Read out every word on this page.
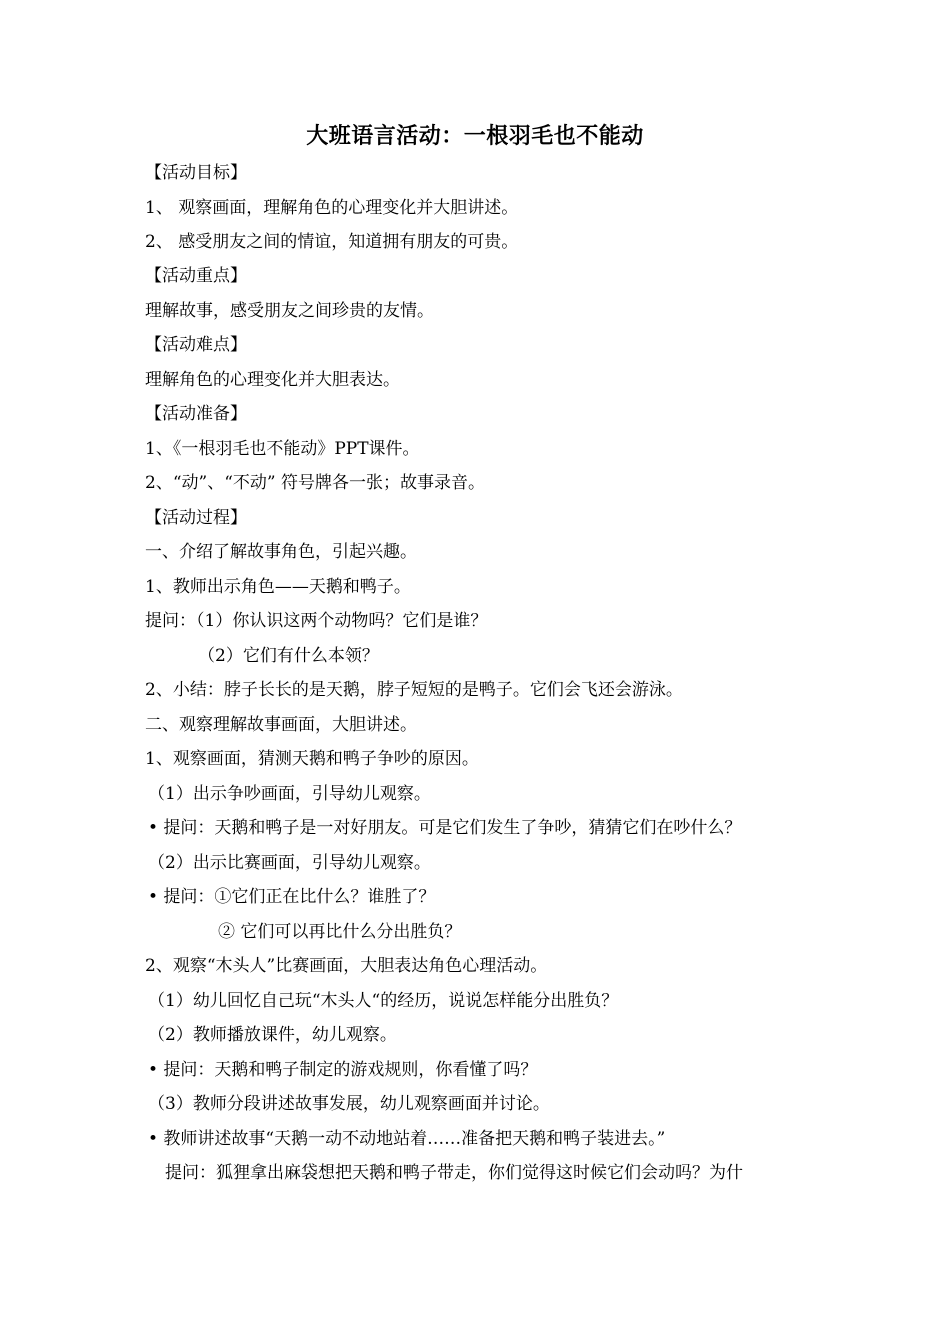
大班语言活动：一根羽毛也不能动
【活动目标】
1、 观察画面，理解角色的心理变化并大胆讲述。
2、 感受朋友之间的情谊，知道拥有朋友的可贵。
【活动重点】
理解故事，感受朋友之间珍贵的友情。
【活动难点】
理解角色的心理变化并大胆表达。
【活动准备】
1、《一根羽毛也不能动》PPT课件。
2、“动”、“不动” 符号牌各一张；故事录音。
【活动过程】
一、介绍了解故事角色，引起兴趣。
1、教师出示角色——天鹅和鸭子。
提问：（1）你认识这两个动物吗？它们是谁？
（2）它们有什么本领？
2、小结：脖子长长的是天鹅，脖子短短的是鸭子。它们会飞还会游泳。
二、观察理解故事画面，大胆讲述。
1、观察画面，猜测天鹅和鸭子争吵的原因。
（1）出示争吵画面，引导幼儿观察。
• 提问：天鹅和鸭子是一对好朋友。可是它们发生了争吵，猜猜它们在吵什么？
（2）出示比赛画面，引导幼儿观察。
• 提问：①它们正在比什么？谁胜了？
② 它们可以再比什么分出胜负？
2、观察“木头人”比赛画面，大胆表达角色心理活动。
（1）幼儿回忆自己玩“木头人“的经历，说说怎样能分出胜负？
（2）教师播放课件，幼儿观察。
• 提问：天鹅和鸭子制定的游戏规则，你看懂了吗？
（3）教师分段讲述故事发展，幼儿观察画面并讨论。
• 教师讲述故事“天鹅一动不动地站着……准备把天鹅和鸭子装进去。”
提问：狐狸拿出麻袋想把天鹅和鸭子带走，你们觉得这时候它们会动吗？为什
